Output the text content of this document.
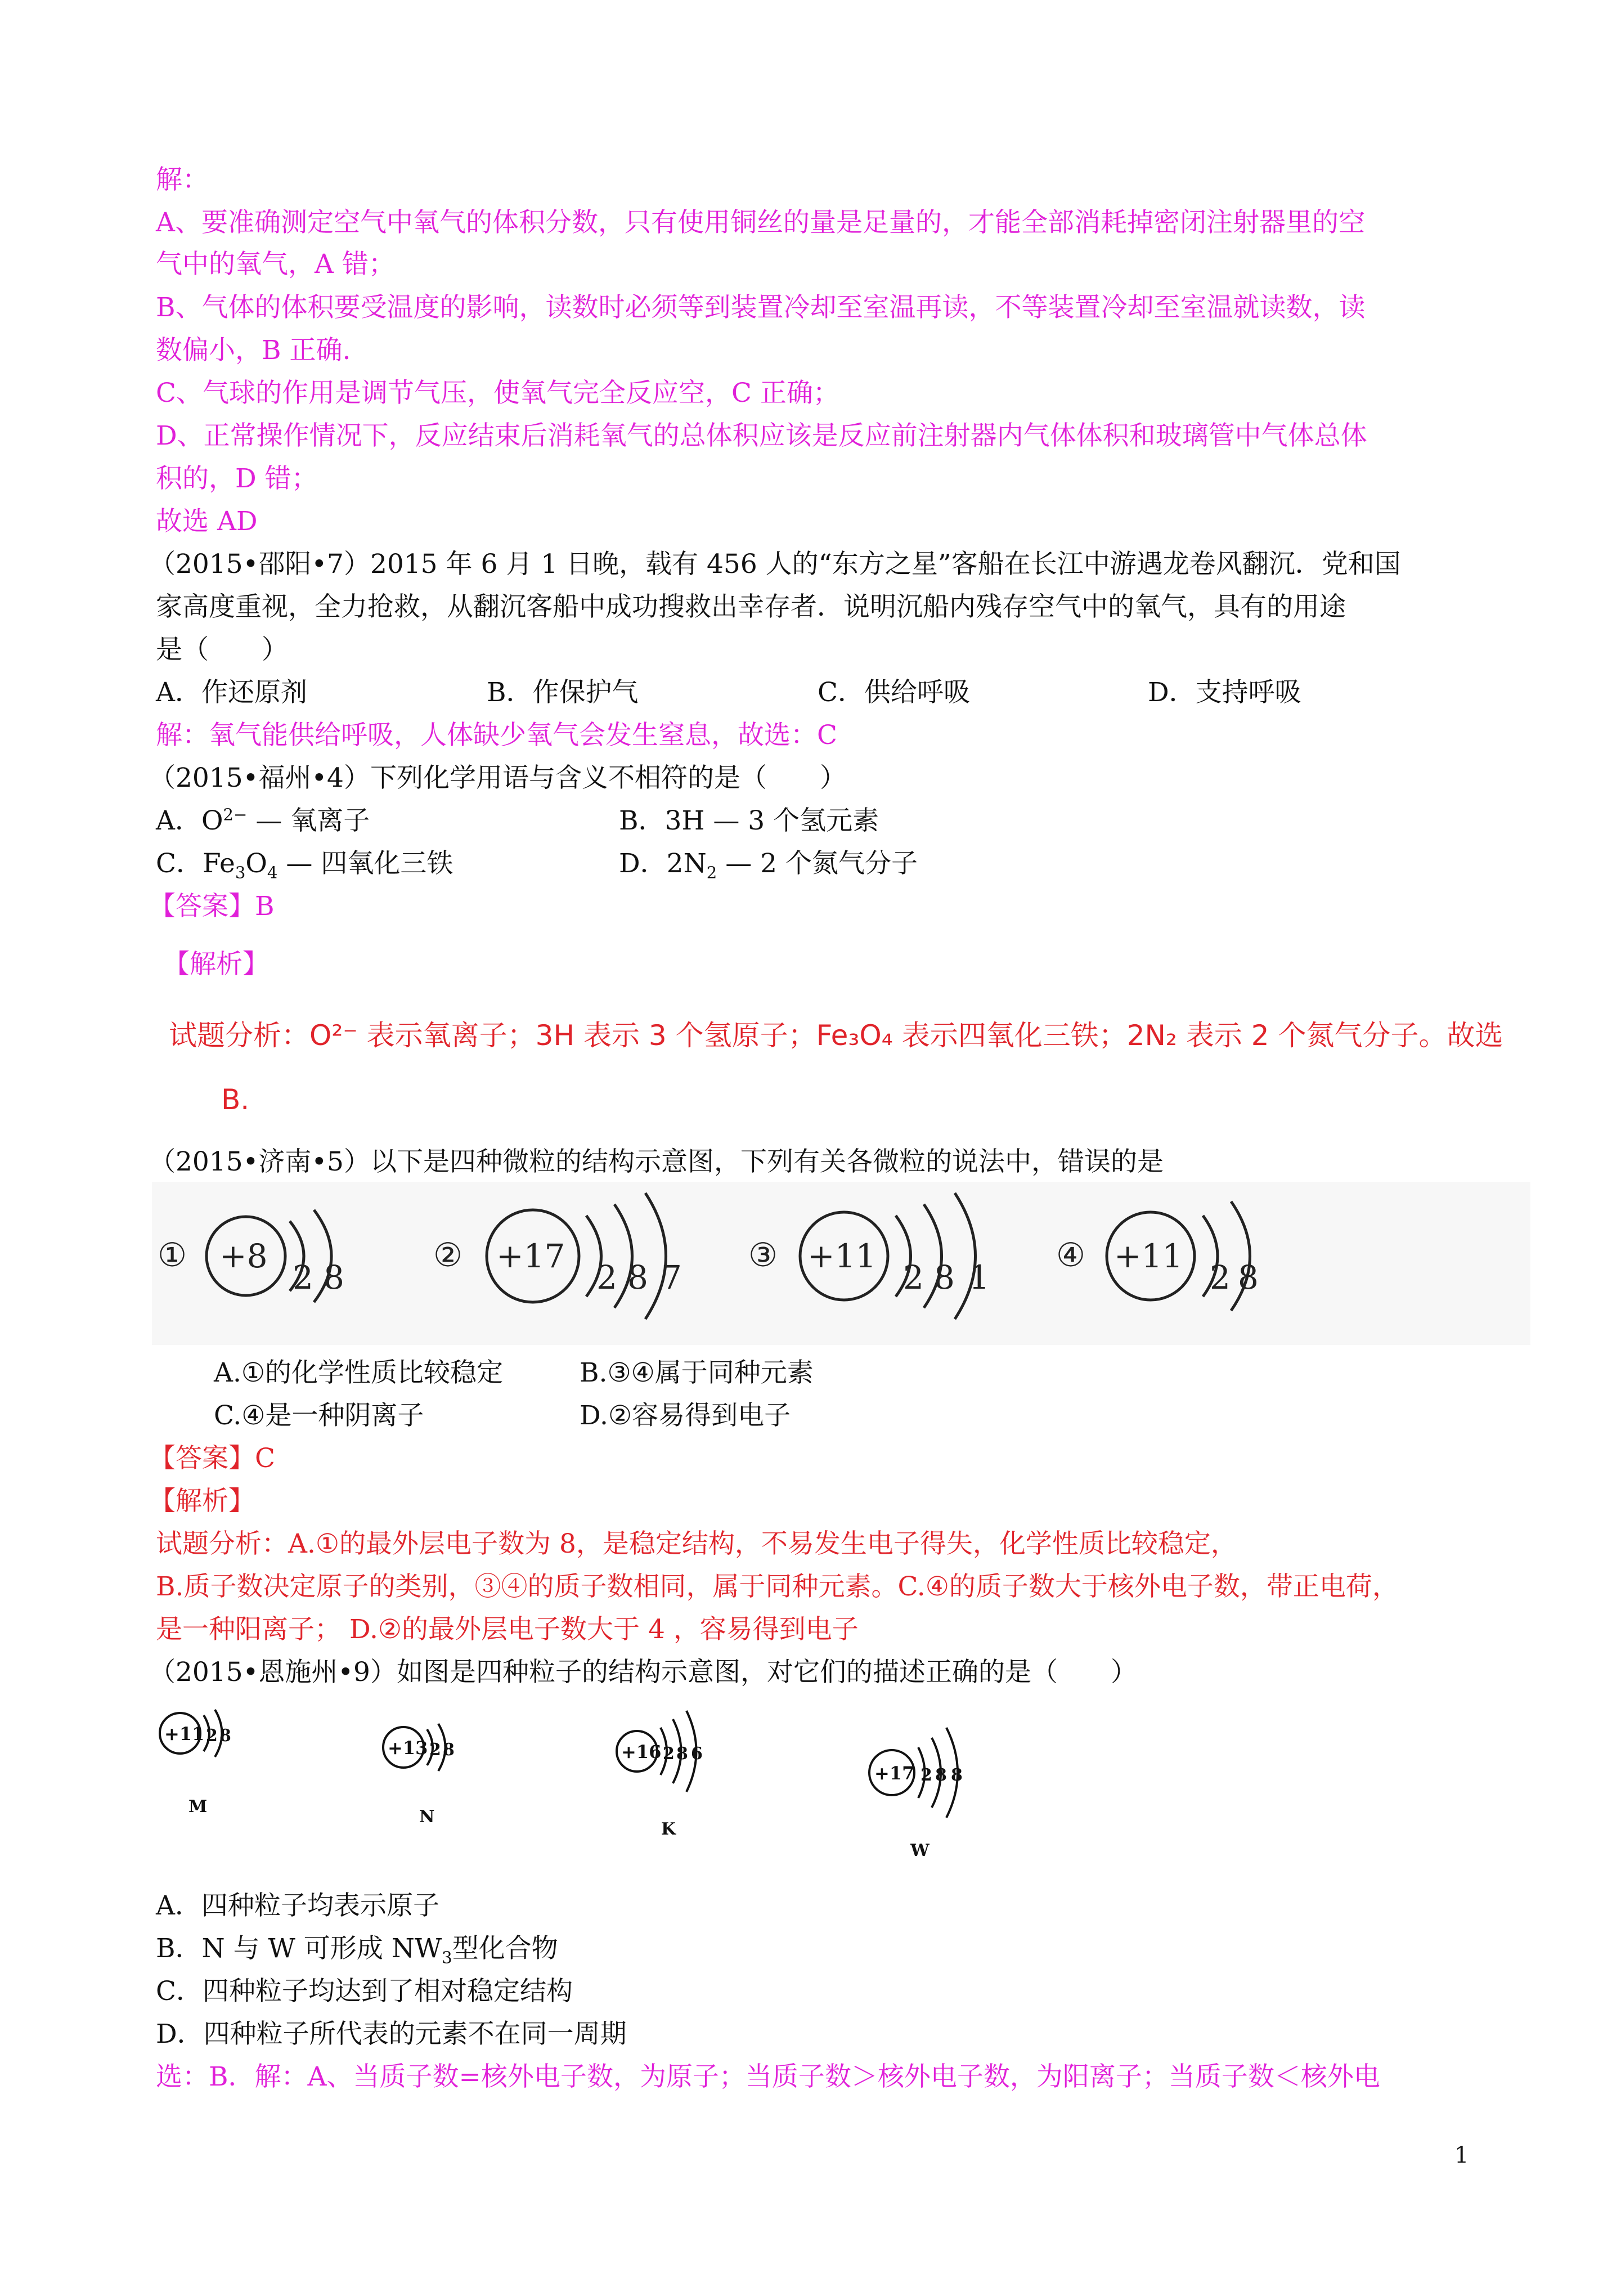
解：
A、要准确测定空气中氧气的体积分数，只有使用铜丝的量是足量的，才能全部消耗掉密闭注射器里的空
气中的氧气，A 错；
B、气体的体积要受温度的影响，读数时必须等到装置冷却至室温再读，不等装置冷却至室温就读数，读
数偏小，B 正确.
C、气球的作用是调节气压，使氧气完全反应空，C 正确；
D、正常操作情况下，反应结束后消耗氧气的总体积应该是反应前注射器内气体体积和玻璃管中气体总体
积的，D 错；
故选 AD
（2015•邵阳•7）2015 年 6 月 1 日晚，载有 456 人的“东方之星”客船在长江中游遇龙卷风翻沉．党和国
家高度重视，全力抢救，从翻沉客船中成功搜救出幸存者．说明沉船内残存空气中的氧气，具有的用途
是（　　）
A．作还原剂	B．作保护气	C．供给呼吸	D．支持呼吸
解：氧气能供给呼吸，人体缺少氧气会发生窒息，故选：C
（2015•福州•4）下列化学用语与含义不相符的是（　　）
A．$O^{2-}$ — 氧离子	B．3H — 3 个氢元素
C．$Fe_3O_4$ — 四氧化三铁	D．$2N_2$ — 2 个氮气分子
【答案】B
【解析】
试题分析：O²⁻ 表示氧离子；3H 表示 3 个氢原子；Fe₃O₄ 表示四氧化三铁；2N₂ 表示 2 个氮气分子。故选
B.
（2015•济南•5）以下是四种微粒的结构示意图，下列有关各微粒的说法中，错误的是
① +8
2 8
② +17
2 8 7
③ +11
2 8 1
④ +11
2 8
A.①的化学性质比较稳定	B.③④属于同种元素
C.④是一种阴离子	D.②容易得到电子
【答案】C
【解析】
试题分析：A.①的最外层电子数为 8，是稳定结构，不易发生电子得失，化学性质比较稳定，
B.质子数决定原子的类别，③④的质子数相同，属于同种元素。C.④的质子数大于核外电子数，带正电荷，
是一种阳离子； D.②的最外层电子数大于 4 ，容易得到电子
（2015•恩施州•9）如图是四种粒子的结构示意图，对它们的描述正确的是（　　）
+11 2 8
M
+13 2 8
N
+16 2 8 6
K
+17 2 8 8
W
A．四种粒子均表示原子
B．N 与 W 可形成 $NW_3$型化合物
C．四种粒子均达到了相对稳定结构
D．四种粒子所代表的元素不在同一周期
选：B．解：A、当质子数=核外电子数，为原子；当质子数＞核外电子数，为阳离子；当质子数＜核外电
1
